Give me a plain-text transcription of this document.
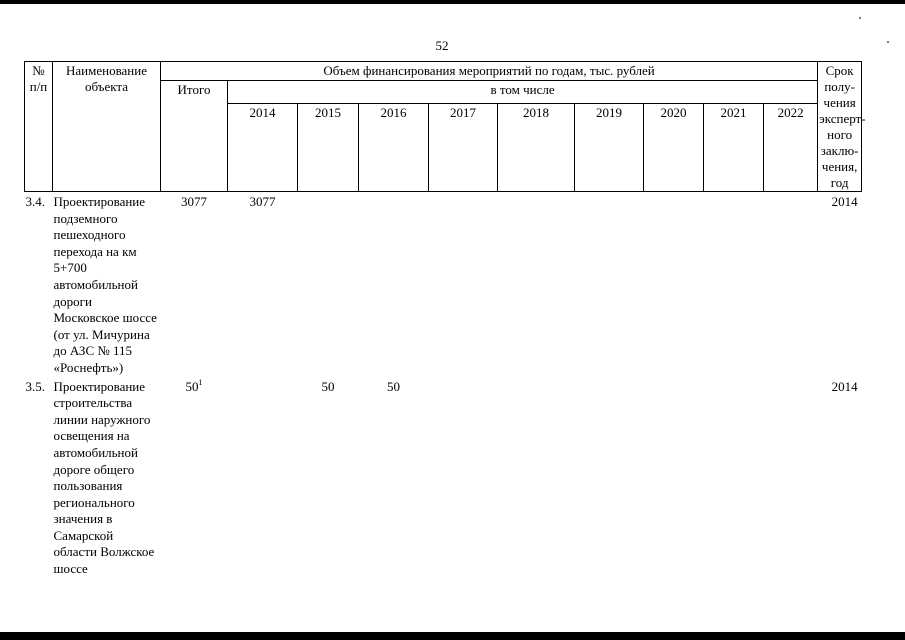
52
№ п/п	Наименование объекта	Объем финансирования мероприятий по годам, тыс. рублей										Срок полу-чения эксперт-ного заклю-чения, год
		Итого	в том числе									
			2014	2015	2016	2017	2018	2019	2020	2021	2022	
3.4.	Проектирование подземного пешеходного перехода на км 5+700 автомобильной дороги Московское шоссе (от ул. Мичурина до АЗС № 115 «Роснефть»)	3077	3077									2014
3.5.	Проектирование строительства линии наружного освещения на автомобильной дороге общего пользования регионального значения в Самарской области Волжское шоссе	$50^1$		50	50							2014
